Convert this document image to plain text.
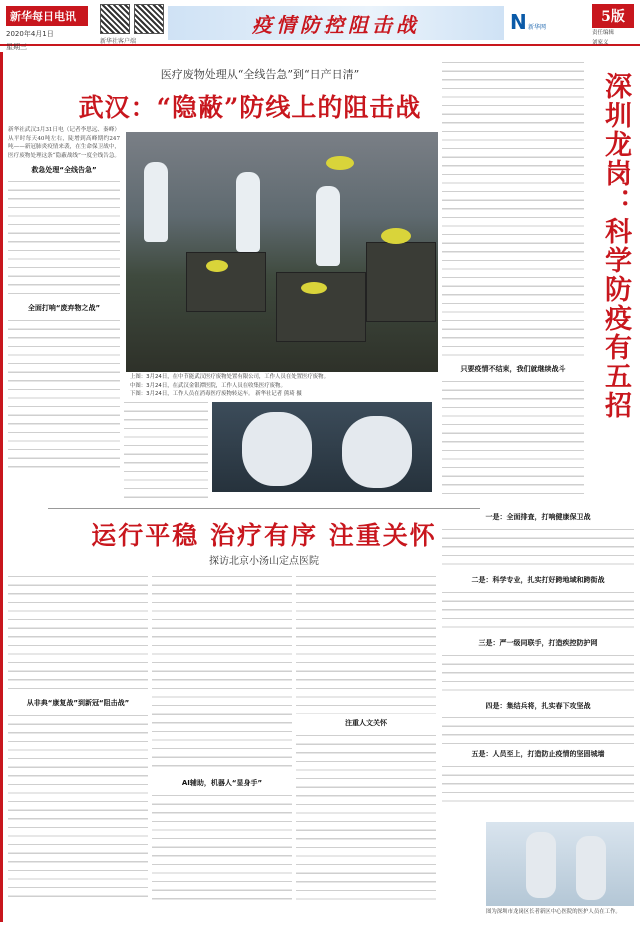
新华每日电讯
2020年4月1日
星期三
新华社客户端
疫情防控阻击战	N 新华网
5版
责任编辑
刘家义
医疗废物处理从“全线告急”到“日产日清”
武汉：“隐蔽”防线上的阻击战

新华社武汉3月31日电（记者李思远、秦峰）从平时每天40吨左右，陡增到高峰期约247吨——新冠肺炎疫情来袭，在生命保卫战中，医疗废物处理这条“隐蔽战线”一度全线告急。

救急处理“全线告急”
全面打响“废弃物之战”
上图：3月24日，在中节能武汉医疗废物处置有限公司，工作人员在处置医疗废物。
中图：3月24日，在武汉金银潭医院，工作人员在收集医疗废物。
下图：3月24日，工作人员在消毒医疗废物转运车。 新华社记者 熊琦 摄
只要疫情不结束，我们就继续战斗	深圳龙岗：科学防疫有五招
一是：全面排查，打响健康保卫战
二是：科学专业，扎实打好跨地域和跨街战
三是：严一级同联手，打造疾控防护网
四是：集结兵将，扎实春下攻坚战
五是：人员至上，打造防止疫情的坚固城墙
图为深圳市龙岗区长者新区中心医院的医护人员在工作。
运行平稳 治疗有序 注重关怀
探访北京小汤山定点医院
从非典“康复战”到新冠“阻击战”
AI辅助，机器人“显身手”
注重人文关怀
